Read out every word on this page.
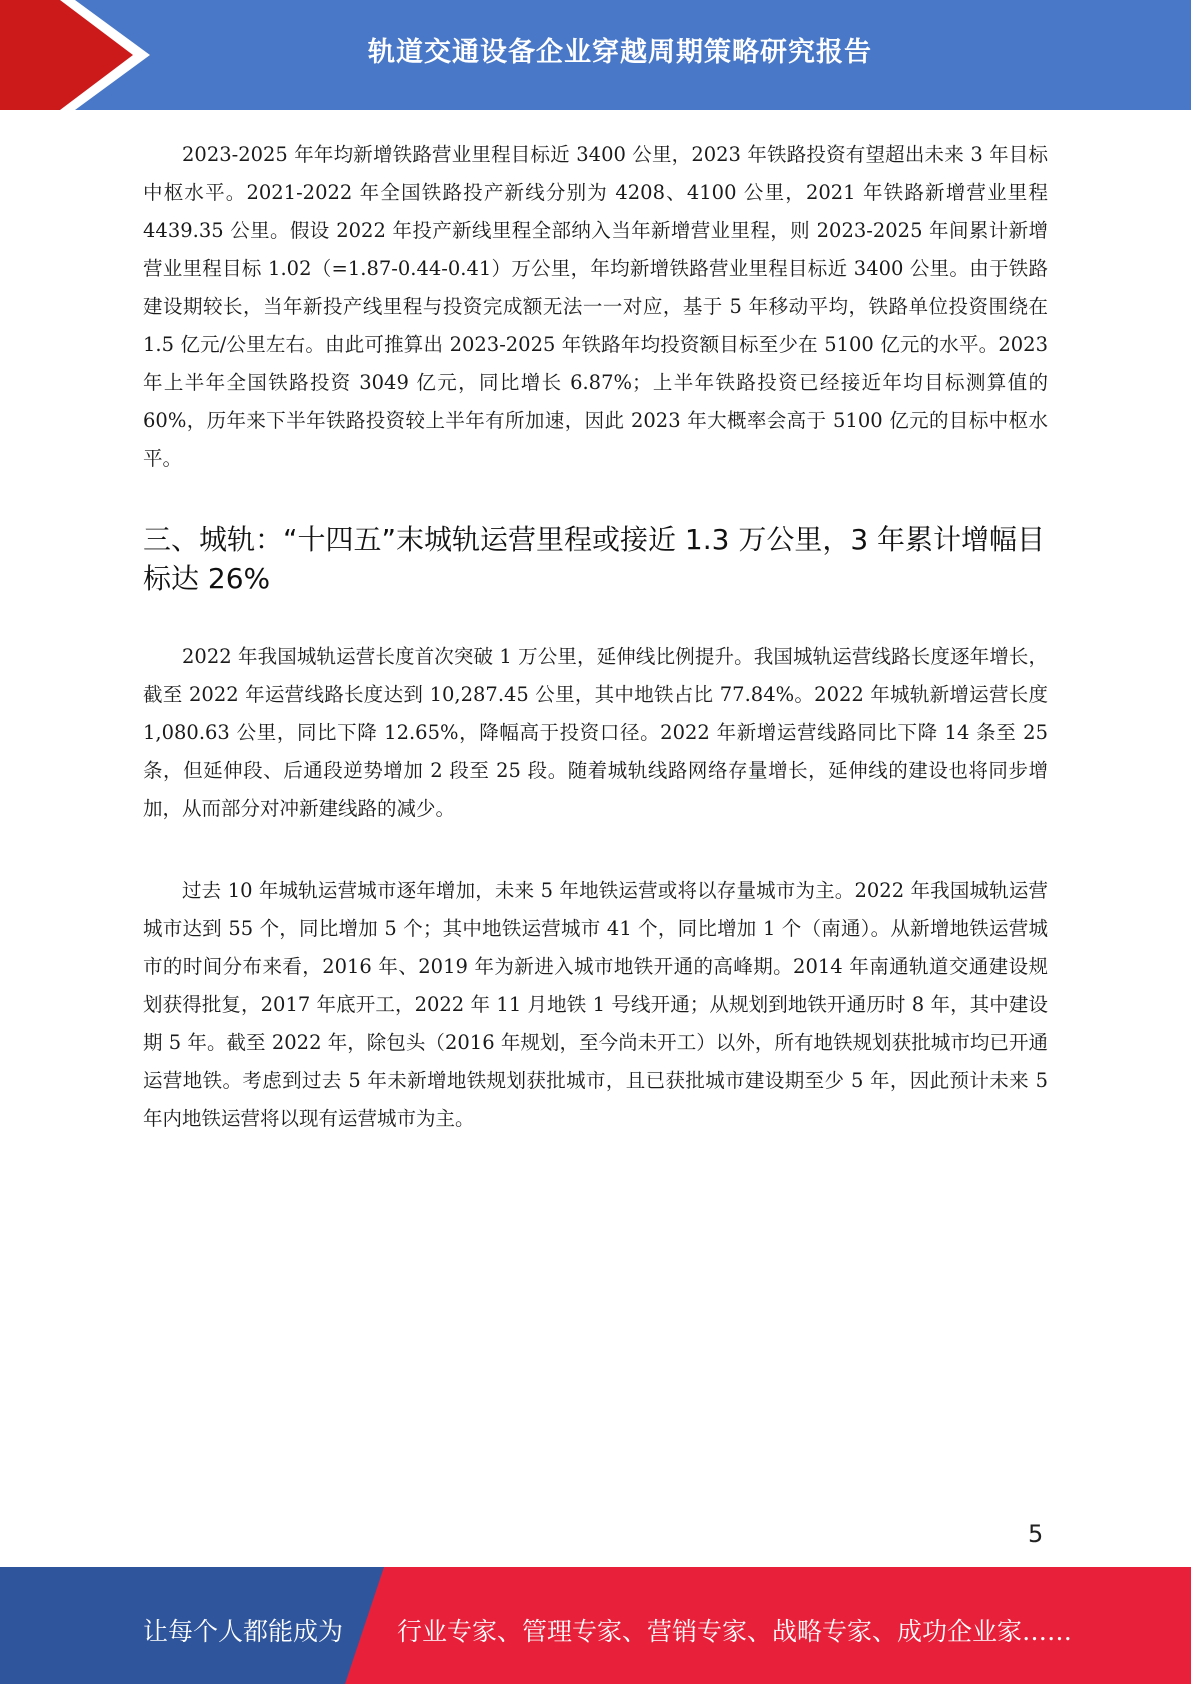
轨道交通设备企业穿越周期策略研究报告

2023-2025 年年均新增铁路营业里程目标近 3400 公里，2023 年铁路投资有望超出未来 3 年目标中枢水平。2021-2022 年全国铁路投产新线分别为 4208、4100 公里，2021 年铁路新增营业里程 4439.35 公里。假设 2022 年投产新线里程全部纳入当年新增营业里程，则 2023-2025 年间累计新增营业里程目标 1.02（=1.87-0.44-0.41）万公里，年均新增铁路营业里程目标近 3400 公里。由于铁路建设期较长，当年新投产线里程与投资完成额无法一一对应，基于 5 年移动平均，铁路单位投资围绕在 1.5 亿元/公里左右。由此可推算出 2023-2025 年铁路年均投资额目标至少在 5100 亿元的水平。2023 年上半年全国铁路投资 3049 亿元，同比增长 6.87%；上半年铁路投资已经接近年均目标测算值的 60%，历年来下半年铁路投资较上半年有所加速，因此 2023 年大概率会高于 5100 亿元的目标中枢水平。

三、城轨：“十四五”末城轨运营里程或接近 1.3 万公里，3 年累计增幅目标达 26%

2022 年我国城轨运营长度首次突破 1 万公里，延伸线比例提升。我国城轨运营线路长度逐年增长，截至 2022 年运营线路长度达到 10,287.45 公里，其中地铁占比 77.84%。2022 年城轨新增运营长度 1,080.63 公里，同比下降 12.65%，降幅高于投资口径。2022 年新增运营线路同比下降 14 条至 25 条，但延伸段、后通段逆势增加 2 段至 25 段。随着城轨线路网络存量增长，延伸线的建设也将同步增加，从而部分对冲新建线路的减少。

过去 10 年城轨运营城市逐年增加，未来 5 年地铁运营或将以存量城市为主。2022 年我国城轨运营城市达到 55 个，同比增加 5 个；其中地铁运营城市 41 个，同比增加 1 个（南通）。从新增地铁运营城市的时间分布来看，2016 年、2019 年为新进入城市地铁开通的高峰期。2014 年南通轨道交通建设规划获得批复，2017 年底开工，2022 年 11 月地铁 1 号线开通；从规划到地铁开通历时 8 年，其中建设期 5 年。截至 2022 年，除包头（2016 年规划，至今尚未开工）以外，所有地铁规划获批城市均已开通运营地铁。考虑到过去 5 年未新增地铁规划获批城市，且已获批城市建设期至少 5 年，因此预计未来 5 年内地铁运营将以现有运营城市为主。

5
让每个人都能成为 行业专家、管理专家、营销专家、战略专家、成功企业家……
